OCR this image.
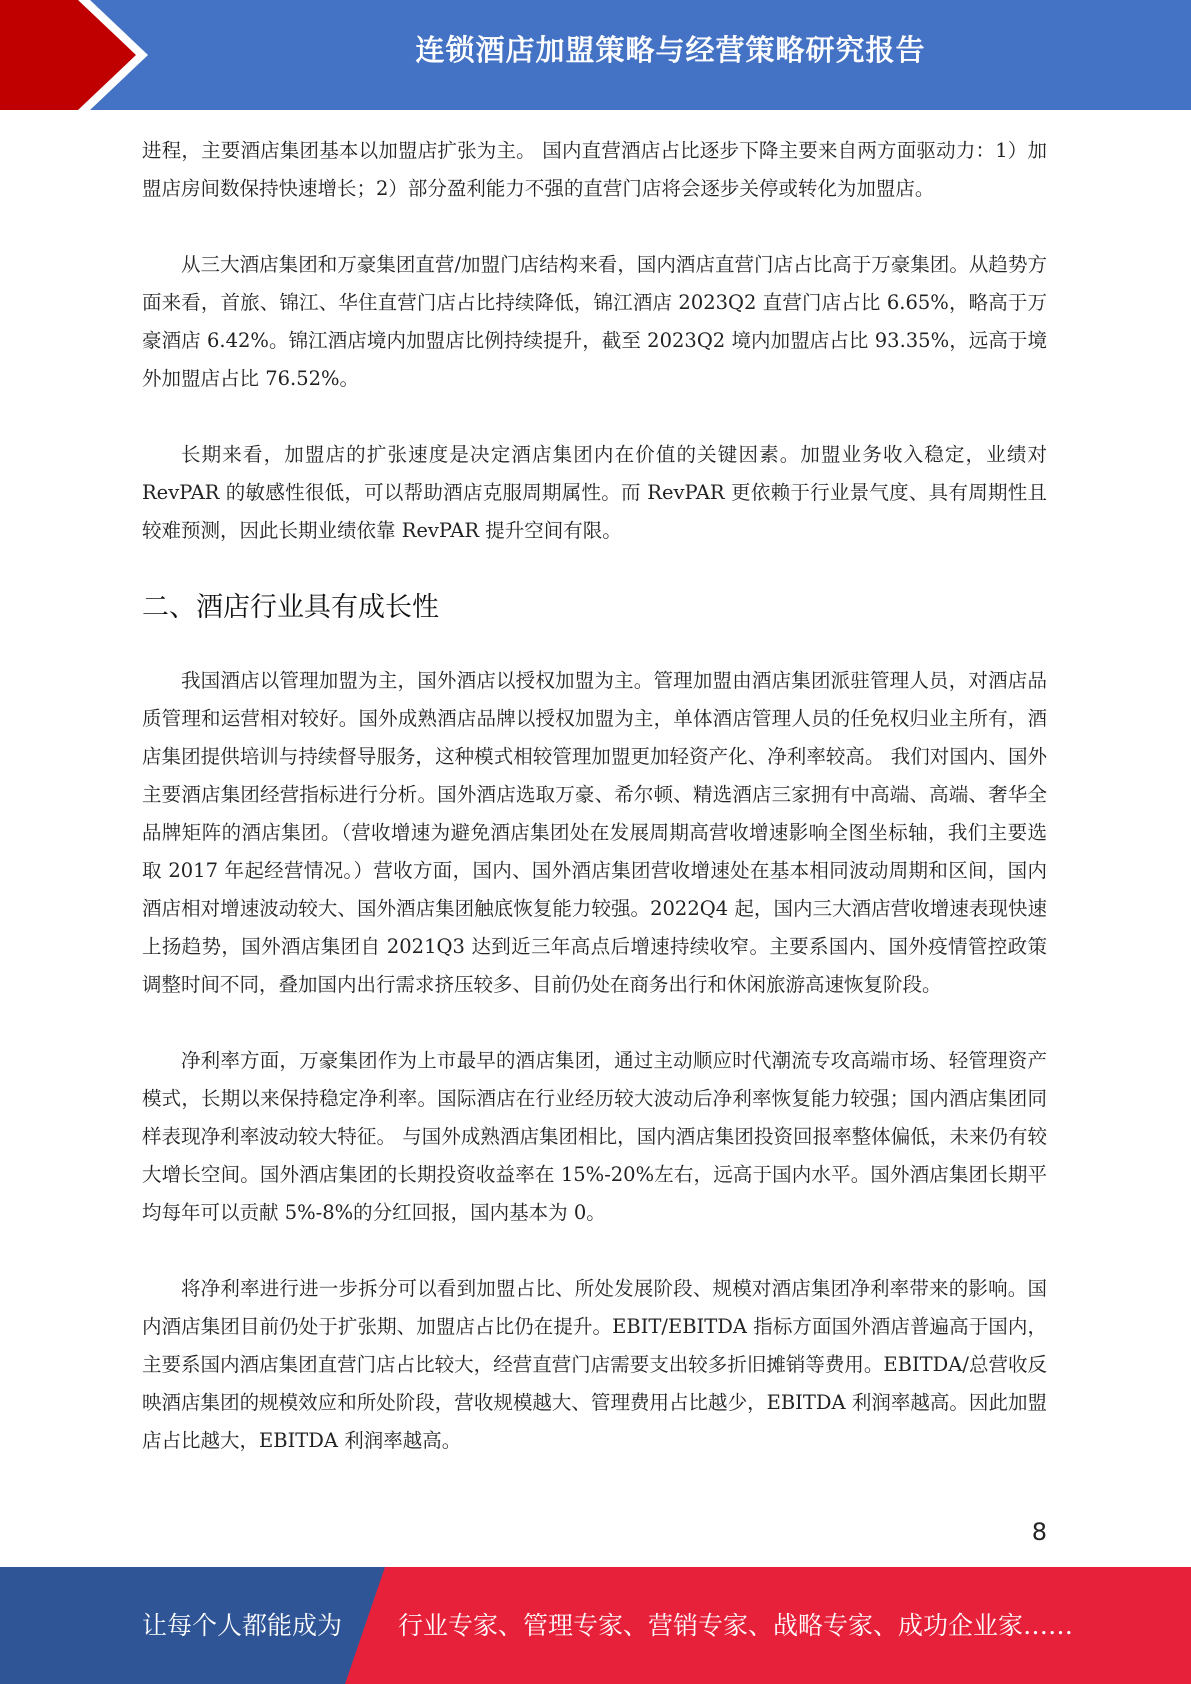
连锁酒店加盟策略与经营策略研究报告

进程，主要酒店集团基本以加盟店扩张为主。 国内直营酒店占比逐步下降主要来自两方面驱动力：1）加盟店房间数保持快速增长；2）部分盈利能力不强的直营门店将会逐步关停或转化为加盟店。

从三大酒店集团和万豪集团直营/加盟门店结构来看，国内酒店直营门店占比高于万豪集团。从趋势方面来看，首旅、锦江、华住直营门店占比持续降低，锦江酒店 2023Q2 直营门店占比 6.65%，略高于万豪酒店 6.42%。锦江酒店境内加盟店比例持续提升，截至 2023Q2 境内加盟店占比 93.35%，远高于境外加盟店占比 76.52%。

长期来看，加盟店的扩张速度是决定酒店集团内在价值的关键因素。加盟业务收入稳定，业绩对 RevPAR 的敏感性很低，可以帮助酒店克服周期属性。而 RevPAR 更依赖于行业景气度、具有周期性且较难预测，因此长期业绩依靠 RevPAR 提升空间有限。

二、酒店行业具有成长性

我国酒店以管理加盟为主，国外酒店以授权加盟为主。管理加盟由酒店集团派驻管理人员，对酒店品质管理和运营相对较好。国外成熟酒店品牌以授权加盟为主，单体酒店管理人员的任免权归业主所有，酒店集团提供培训与持续督导服务，这种模式相较管理加盟更加轻资产化、净利率较高。 我们对国内、国外主要酒店集团经营指标进行分析。国外酒店选取万豪、希尔顿、精选酒店三家拥有中高端、高端、奢华全品牌矩阵的酒店集团。（营收增速为避免酒店集团处在发展周期高营收增速影响全图坐标轴，我们主要选取 2017 年起经营情况。）营收方面，国内、国外酒店集团营收增速处在基本相同波动周期和区间，国内酒店相对增速波动较大、国外酒店集团触底恢复能力较强。2022Q4 起，国内三大酒店营收增速表现快速上扬趋势，国外酒店集团自 2021Q3 达到近三年高点后增速持续收窄。主要系国内、国外疫情管控政策调整时间不同，叠加国内出行需求挤压较多、目前仍处在商务出行和休闲旅游高速恢复阶段。

净利率方面，万豪集团作为上市最早的酒店集团，通过主动顺应时代潮流专攻高端市场、轻管理资产模式，长期以来保持稳定净利率。国际酒店在行业经历较大波动后净利率恢复能力较强；国内酒店集团同样表现净利率波动较大特征。 与国外成熟酒店集团相比，国内酒店集团投资回报率整体偏低，未来仍有较大增长空间。国外酒店集团的长期投资收益率在 15%-20%左右，远高于国内水平。国外酒店集团长期平均每年可以贡献 5%-8%的分红回报，国内基本为 0。

将净利率进行进一步拆分可以看到加盟占比、所处发展阶段、规模对酒店集团净利率带来的影响。国内酒店集团目前仍处于扩张期、加盟店占比仍在提升。EBIT/EBITDA 指标方面国外酒店普遍高于国内，主要系国内酒店集团直营门店占比较大，经营直营门店需要支出较多折旧摊销等费用。EBITDA/总营收反映酒店集团的规模效应和所处阶段，营收规模越大、管理费用占比越少，EBITDA 利润率越高。因此加盟店占比越大，EBITDA 利润率越高。

8
让每个人都能成为 行业专家、管理专家、营销专家、战略专家、成功企业家……
